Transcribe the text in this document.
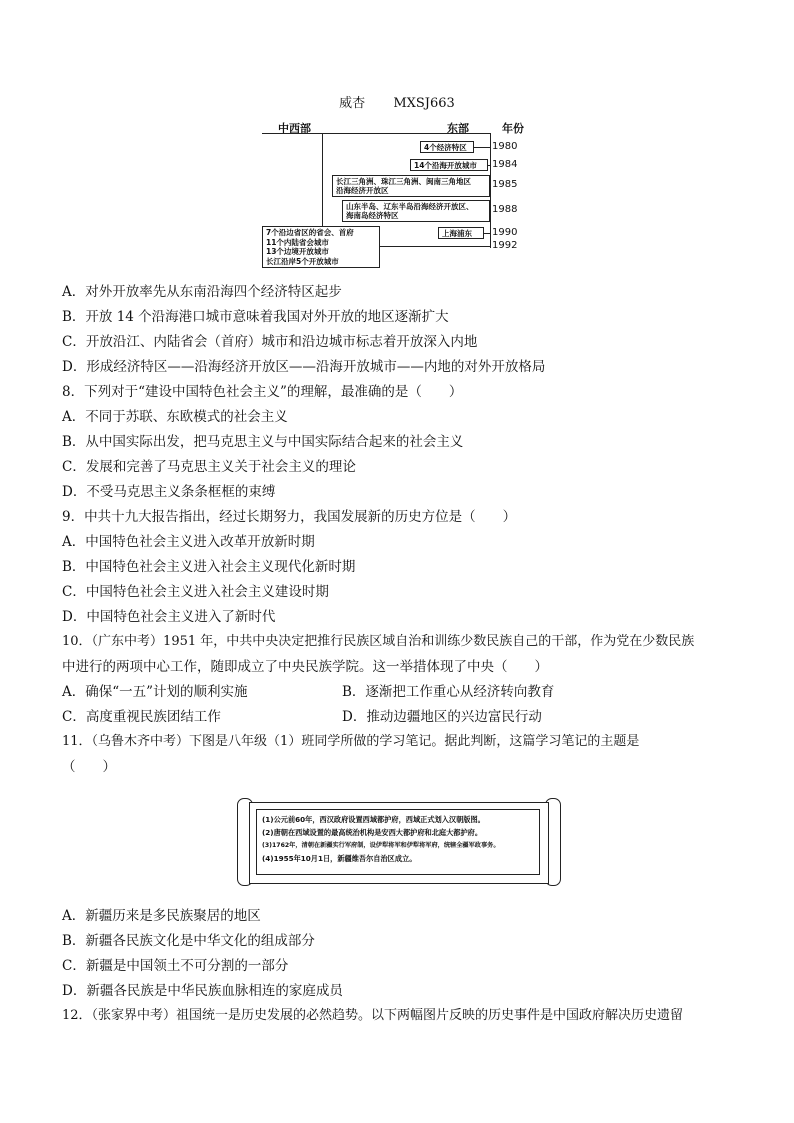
威杏 MXSJ663
中西部	东部	年份
4个经济特区	1980
14个沿海开放城市	1984
长江三角洲、珠江三角洲、闽南三角地区
沿海经济开放区
1985
山东半岛、辽东半岛沿海经济开放区、
海南岛经济特区
1988
上海浦东	1990
7个沿边省区的省会、首府
11个内陆省会城市
13个边境开放城市
长江沿岸5个开放城市
1992
A．对外开放率先从东南沿海四个经济特区起步
B．开放 14 个沿海港口城市意味着我国对外开放的地区逐渐扩大
C．开放沿江、内陆省会（首府）城市和沿边城市标志着开放深入内地
D．形成经济特区——沿海经济开放区——沿海开放城市——内地的对外开放格局
8．下列对于“建设中国特色社会主义”的理解，最准确的是（　　）
A．不同于苏联、东欧模式的社会主义
B．从中国实际出发，把马克思主义与中国实际结合起来的社会主义
C．发展和完善了马克思主义关于社会主义的理论
D．不受马克思主义条条框框的束缚
9．中共十九大报告指出，经过长期努力，我国发展新的历史方位是（　　）
A．中国特色社会主义进入改革开放新时期
B．中国特色社会主义进入社会主义现代化新时期
C．中国特色社会主义进入社会主义建设时期
D．中国特色社会主义进入了新时代
10．（广东中考）1951 年，中共中央决定把推行民族区域自治和训练少数民族自己的干部，作为党在少数民族
中进行的两项中心工作，随即成立了中央民族学院。这一举措体现了中央（　　）
A．确保“一五”计划的顺利实施	B．逐渐把工作重心从经济转向教育
C．高度重视民族团结工作	D．推动边疆地区的兴边富民行动
11．（乌鲁木齐中考）下图是八年级（1）班同学所做的学习笔记。据此判断，这篇学习笔记的主题是
（　　）
(1)公元前60年，西汉政府设置西域都护府，西域正式划入汉朝版图。
(2)唐朝在西域设置的最高统治机构是安西大都护府和北庭大都护府。
(3)1762年，清朝在新疆实行军府制，设伊犁将军和伊犁将军府，统辖全疆军政事务。
(4)1955年10月1日，新疆维吾尔自治区成立。
A．新疆历来是多民族聚居的地区
B．新疆各民族文化是中华文化的组成部分
C．新疆是中国领土不可分割的一部分
D．新疆各民族是中华民族血脉相连的家庭成员
12．（张家界中考）祖国统一是历史发展的必然趋势。以下两幅图片反映的历史事件是中国政府解决历史遗留
